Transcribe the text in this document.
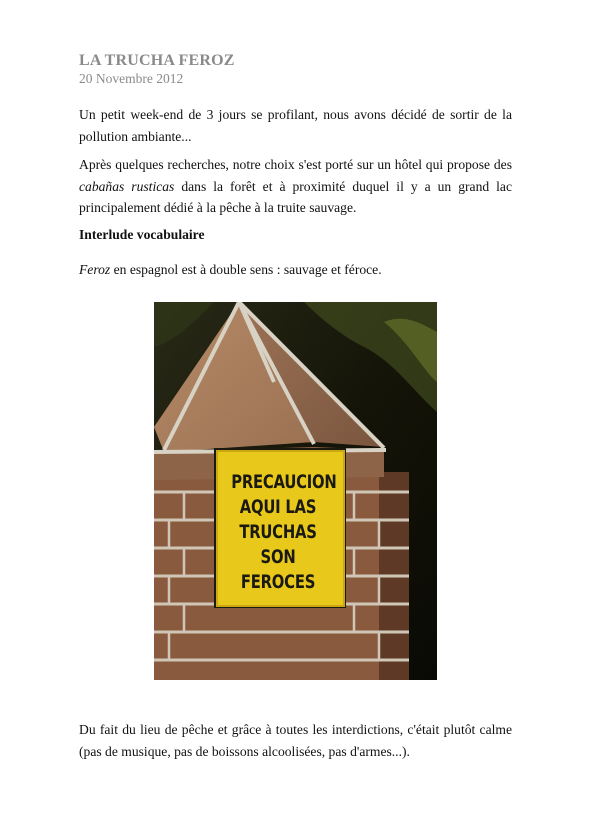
LA TRUCHA FEROZ
20 Novembre 2012

Un petit week-end de 3 jours se profilant, nous avons décidé de sortir de la pollution ambiante...

Après quelques recherches, notre choix s'est porté sur un hôtel qui propose des cabañas rusticas dans la forêt et à proximité duquel il y a un grand lac principalement dédié à la pêche à la truite sauvage.

Interlude vocabulaire

Feroz en espagnol est à double sens : sauvage et féroce.

Du fait du lieu de pêche et grâce à toutes les interdictions, c'était plutôt calme (pas de musique, pas de boissons alcoolisées, pas d'armes...).

PRECAUCION
AQUI LAS
TRUCHAS
SON
FEROCES
